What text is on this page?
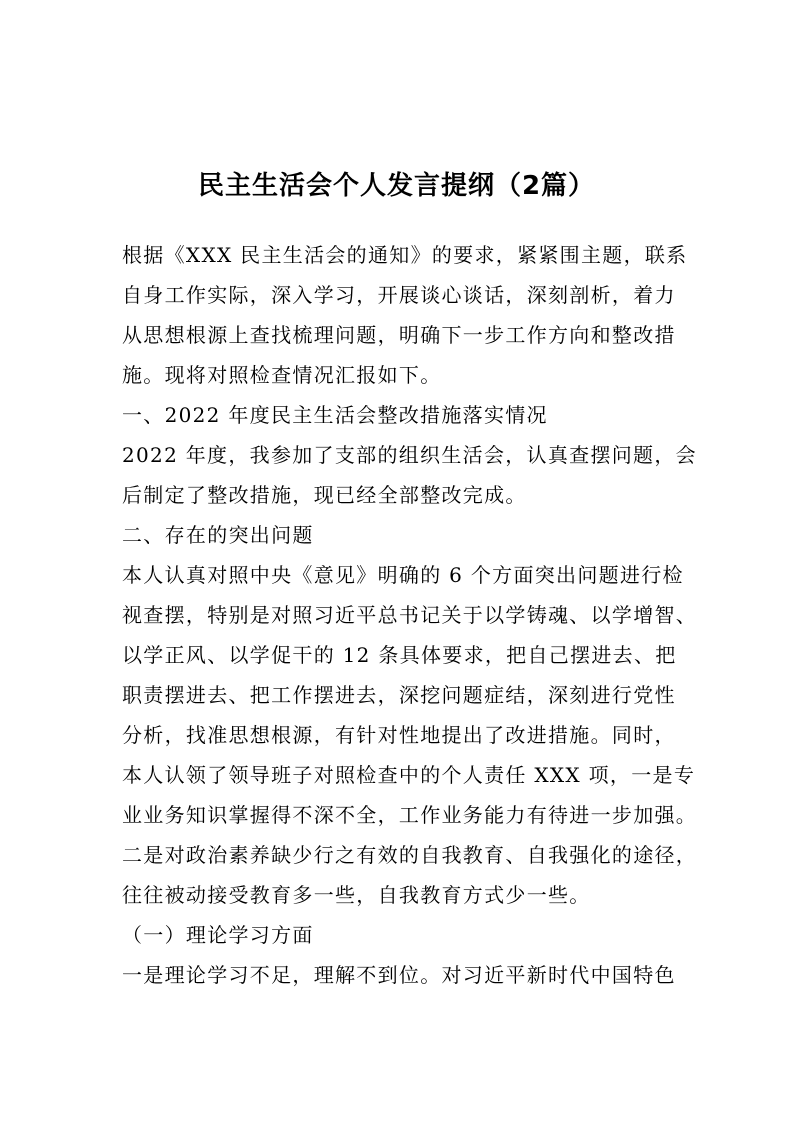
民主生活会个人发言提纲（2篇）
根据《XXX 民主生活会的通知》的要求，紧紧围主题，联系
自身工作实际，深入学习，开展谈心谈话，深刻剖析，着力
从思想根源上查找梳理问题，明确下一步工作方向和整改措
施。现将对照检查情况汇报如下。
一、2022 年度民主生活会整改措施落实情况
2022 年度，我参加了支部的组织生活会，认真查摆问题，会
后制定了整改措施，现已经全部整改完成。
二、存在的突出问题
本人认真对照中央《意见》明确的 6 个方面突出问题进行检
视查摆，特别是对照习近平总书记关于以学铸魂、以学增智、
以学正风、以学促干的 12 条具体要求，把自己摆进去、把
职责摆进去、把工作摆进去，深挖问题症结，深刻进行党性
分析，找准思想根源，有针对性地提出了改进措施。同时，
本人认领了领导班子对照检查中的个人责任 XXX 项，一是专
业业务知识掌握得不深不全，工作业务能力有待进一步加强。
二是对政治素养缺少行之有效的自我教育、自我强化的途径，
往往被动接受教育多一些，自我教育方式少一些。
（一）理论学习方面
一是理论学习不足，理解不到位。对习近平新时代中国特色
